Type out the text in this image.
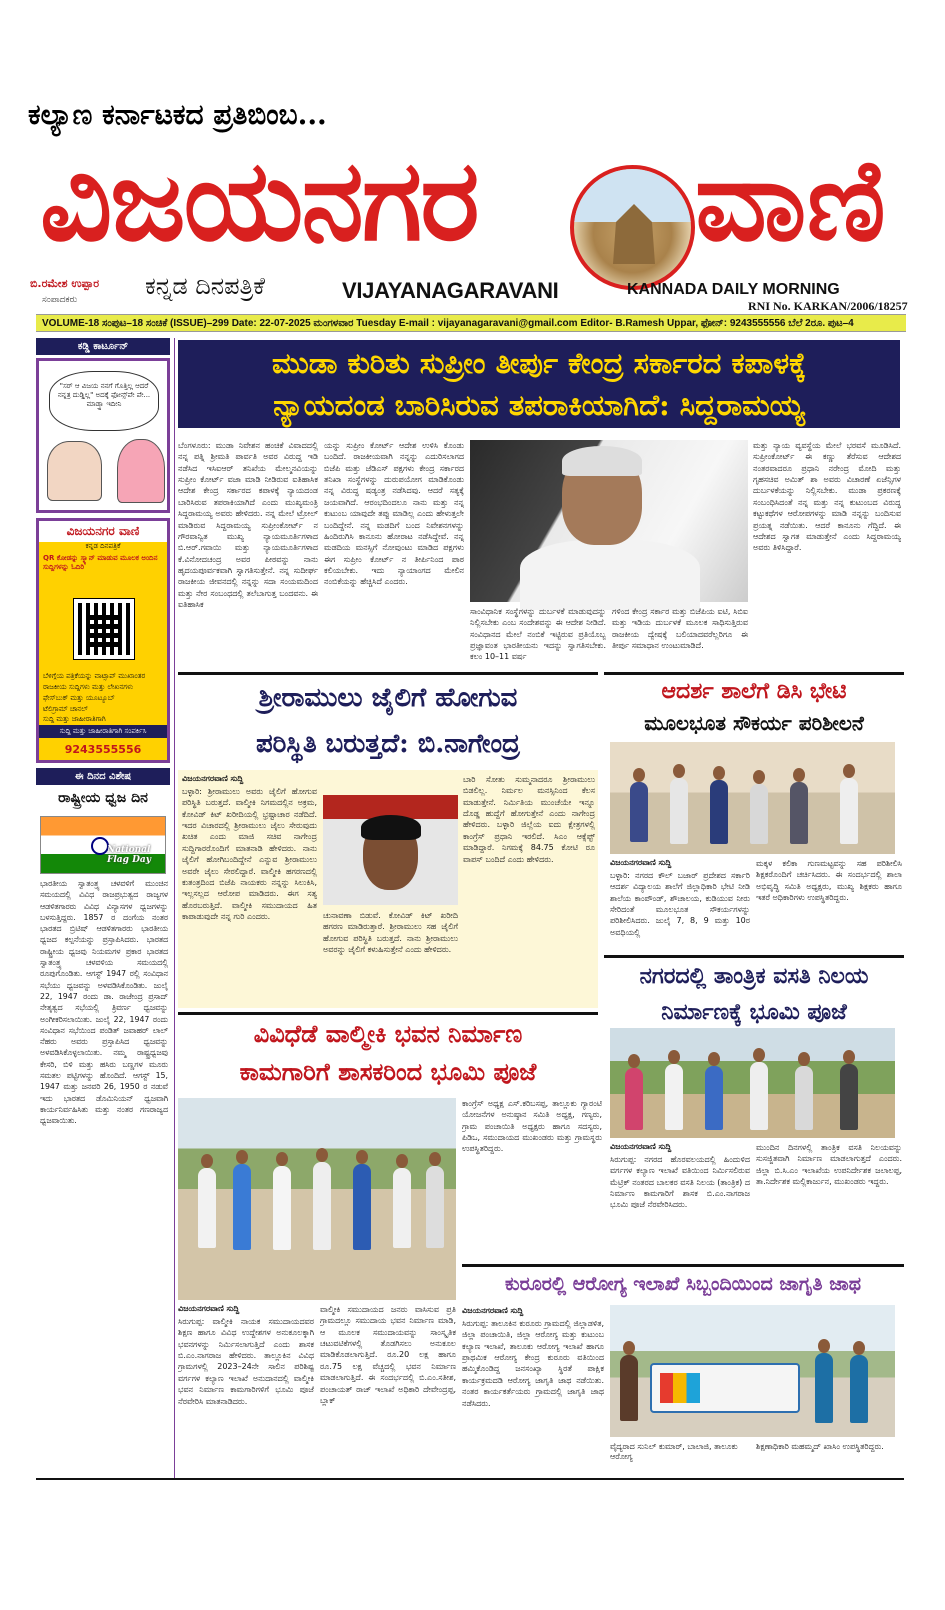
ಕಲ್ಯಾಣ ಕರ್ನಾಟಕದ ಪ್ರತಿಬಿಂಬ...
ವಿಜಯನಗರ ವಾಣಿ
ಬಿ.ರಮೇಶ ಉಪ್ಪಾರ
ಸಂಪಾದಕರು	ಕನ್ನಡ ದಿನಪತ್ರಿಕೆ	VIJAYANAGARAVANI	KANNADA DAILY MORNING
RNI No. KARKAN/2006/18257
VOLUME-18 ಸಂಪುಟ–18 ಸಂಚಿಕೆ (ISSUE)–299 Date: 22-07-2025 ಮಂಗಳವಾರ Tuesday E-mail : vijayanagaravani@gmail.com Editor- B.Ramesh Uppar, ಫೋನ್: 9243555556 ಬೆಲೆ 2ರೂ. ಪುಟ–4
ಕಡ್ಡಿ ಕಾರ್ಟೂನ್
"ಸರ್ ಆ ವಿಜಯ ನನಗೆ ಗೊತ್ತಿಲ್ಲ ಆದರೆ ನನ್ನತ್ರ ದುಡ್ಡಿಲ್ಲ" ಅದಕ್ಕೆ ಫೋನ್ಸ್‌ಪೇ ಪೇ... ಮಾಡ್ತ್ತಾ ಇದೀನಿ
ವಿಜಯನಗರ ವಾಣಿ
ಕನ್ನಡ ದಿನಪತ್ರಿಕೆ
QR ಕೋಡನ್ನು ಸ್ಕ್ಯಾನ್ ಮಾಡುವ ಮೂಲಕ ಅಂದಿನ ಸುದ್ದಿಗಳನ್ನು ಓದಿರಿ
ಬೆಳಿಗ್ಗೆಯ ಪತ್ರಿಕೆಯನ್ನು ವಾಟ್ಸಾಪ್ ಮುಖಾಂತರ
ರಾಜಕೀಯ ಸುದ್ದಿಗಳು ಮತ್ತು ಲೇಖನಗಳು
ಫೇಸ್‌ಬುಕ್ ಮತ್ತು ಯೂಟ್ಯೂಬ್
ಟೆಲಿಗ್ರಾಮ್ ಚಾನಲ್
ಸುದ್ದಿ ಮತ್ತು ಜಾಹೀರಾತಿಗಾಗಿ
ಸುದ್ದಿ ಮತ್ತು ಜಾಹೀರಾತಿಗಾಗಿ ಸಂಪರ್ಕಿಸಿ
9243555556
ಈ ದಿನದ ವಿಶೇಷ
ರಾಷ್ಟ್ರೀಯ ಧ್ವಜ ದಿನ
National Flag Day
ಭಾರತೀಯ ಸ್ವಾತಂತ್ರ್ಯ ಚಳವಳಿಗೆ ಮುಂಚಿನ ಸಮಯದಲ್ಲಿ ವಿವಿಧ ರಾಜಪ್ರಭುತ್ವದ ರಾಜ್ಯಗಳ ಆಡಳಿತಗಾರರು ವಿವಿಧ ವಿನ್ಯಾಸಗಳ ಧ್ವಜಗಳನ್ನು ಬಳಸುತ್ತಿದ್ದರು. 1857 ರ ದಂಗೆಯ ನಂತರ ಭಾರತದ ಬ್ರಿಟಿಷ್ ಆಡಳಿತಗಾರರು ಭಾರತೀಯ ಧ್ವಜದ ಕಲ್ಪನೆಯನ್ನು ಪ್ರಸ್ತಾಪಿಸಿದರು. ಭಾರತದ ರಾಷ್ಟ್ರೀಯ ಧ್ವಜವು ನಿಯಮಗಳ ಪ್ರಕಾರ ಭಾರತದ ಸ್ವಾತಂತ್ರ್ಯ ಚಳವಳಿಯ ಸಮಯದಲ್ಲಿ ರೂಪುಗೊಂಡಿತು. ಆಗಸ್ಟ್ 1947 ರಲ್ಲಿ ಸಂವಿಧಾನ ಸಭೆಯು ಧ್ವಜವನ್ನು ಅಳವಡಿಸಿಕೊಂಡಿತು. ಜುಲೈ 22, 1947 ರಂದು ಡಾ. ರಾಜೇಂದ್ರ ಪ್ರಸಾದ್ ನೇತೃತ್ವದ ಸಭೆಯಲ್ಲಿ ತ್ರಿವರ್ಣ ಧ್ವಜವನ್ನು ಅಂಗೀಕರಿಸಲಾಯಿತು. ಜುಲೈ 22, 1947 ರಂದು ಸಂವಿಧಾನ ಸಭೆಯಿಂದ ಪಂಡಿತ್ ಜವಾಹರ್ ಲಾಲ್ ನೆಹರು ಅವರು ಪ್ರಸ್ತಾಪಿಸಿದ ಧ್ವಜವನ್ನು ಅಳವಡಿಸಿಕೊಳ್ಳಲಾಯಿತು. ನಮ್ಮ ರಾಷ್ಟ್ರಧ್ವಜವು ಕೇಸರಿ, ಬಿಳಿ ಮತ್ತು ಹಸಿರು ಬಣ್ಣಗಳ ಮೂರು ಸಮತಲ ಪಟ್ಟಿಗಳನ್ನು ಹೊಂದಿದೆ. ಆಗಸ್ಟ್ 15, 1947 ಮತ್ತು ಜನವರಿ 26, 1950 ರ ನಡುವೆ ಇದು ಭಾರತದ ಡೊಮಿನಿಯನ್ ಧ್ವಜವಾಗಿ ಕಾರ್ಯನಿರ್ವಹಿಸಿತು ಮತ್ತು ನಂತರ ಗಣರಾಜ್ಯದ ಧ್ವಜವಾಯಿತು.
ಮುಡಾ ಕುರಿತು ಸುಪ್ರೀಂ ತೀರ್ಪು ಕೇಂದ್ರ ಸರ್ಕಾರದ ಕಪಾಳಕ್ಕೆ
ನ್ಯಾಯದಂಡ ಬಾರಿಸಿರುವ ತಪರಾಕಿಯಾಗಿದೆ: ಸಿದ್ದರಾಮಯ್ಯ
ಬೆಂಗಳೂರು: ಮುಡಾ ನಿವೇಶನ ಹಂಚಿಕೆ ವಿವಾದದಲ್ಲಿ ನನ್ನ ಪತ್ನಿ ಶ್ರೀಮತಿ ಪಾರ್ವತಿ ಅವರ ವಿರುದ್ದ ಇಡಿ ನಡೆಸಿದ ಇಸಿಐಆರ್ ತನಿಖೆಯ ಮೇಲ್ಮನವಿಯನ್ನು ಸುಪ್ರೀಂ ಕೋರ್ಟ್ ವಜಾ ಮಾಡಿ ನೀಡಿರುವ ಐತಿಹಾಸಿಕ ಆದೇಶ ಕೇಂದ್ರ ಸರ್ಕಾರದ ಕಪಾಳಕ್ಕೆ ನ್ಯಾಯದಂಡ ಬಾರಿಸಿರುವ ತಪರಾಕಿಯಾಗಿದೆ ಎಂದು ಮುಖ್ಯಮಂತ್ರಿ ಸಿದ್ದರಾಮಯ್ಯ ಅವರು ಹೇಳಿದರು. ನನ್ನ ಮೇಲೆ ಟ್ರೋಲ್ ಮಾಡಿರುವ ಸಿದ್ದರಾಮಯ್ಯ ಸುಪ್ರೀಂಕೋರ್ಟ್ ನ ಗೌರವಾನ್ವಿತ ಮುಖ್ಯ ನ್ಯಾಯಮೂರ್ತಿಗಳಾದ ಬಿ.ಆರ್.ಗವಾಯಿ ಮತ್ತು ನ್ಯಾಯಮೂರ್ತಿಗಳಾದ ಕೆ.ವಿನೋದಚಂದ್ರ ಅವರ ಪೀಠವನ್ನು ನಾನು ಹೃದಯಪೂರ್ವಕವಾಗಿ ಸ್ವಾಗತಿಸುತ್ತೇನೆ. ನನ್ನ ಸುದೀರ್ಘ ರಾಜಕೀಯ ಜೀವನದಲ್ಲಿ ನನ್ನನ್ನು ಸದಾ ಸಂಯಮದಿಂದ ಮತ್ತು ನೇರ ಸಂಬಂಧದಲ್ಲಿ ತಲೆಬಾಗುತ್ತ ಬಂದವನು. ಈ ಐತಿಹಾಸಿಕ
ಯನ್ನು ಸುಪ್ರೀಂ ಕೋರ್ಟ್ ಆದೇಶ ಉಳಿಸಿ ಕೊಂಡು ಬಂದಿದೆ. ರಾಜಕೀಯವಾಗಿ ನನ್ನನ್ನು ಎದುರಿಸಲಾಗದ ಬಿಜೆಪಿ ಮತ್ತು ಜೆಡಿಎಸ್ ಪಕ್ಷಗಳು ಕೇಂದ್ರ ಸರ್ಕಾರದ ತನಿಖಾ ಸಂಸ್ಥೆಗಳನ್ನು ದುರುಪಯೋಗ ಮಾಡಿಕೊಂಡು ನನ್ನ ವಿರುದ್ಧ ಷಡ್ಯಂತ್ರ ನಡೆಸಿದವು. ಆದರೆ ಸತ್ಯಕ್ಕೆ ಜಯವಾಗಿದೆ. ಆರಂಭದಿಂದಲೂ ನಾನು ಮತ್ತು ನನ್ನ ಕುಟುಂಬ ಯಾವುದೇ ತಪ್ಪು ಮಾಡಿಲ್ಲ ಎಂದು ಹೇಳುತ್ತಲೇ ಬಂದಿದ್ದೇನೆ. ನನ್ನ ಮಡದಿಗೆ ಬಂದ ನಿವೇಶನಗಳನ್ನು ಹಿಂದಿರುಗಿಸಿ ಕಾನೂನು ಹೋರಾಟ ನಡೆಸಿದ್ದೇವೆ. ನನ್ನ ಮಡದಿಯ ಮನಸ್ಸಿಗೆ ನೋವುಂಟು ಮಾಡಿದ ಪಕ್ಷಗಳು ಈಗ ಸುಪ್ರೀಂ ಕೋರ್ಟ್ ನ ತೀರ್ಪಿನಿಂದ ಪಾಠ ಕಲಿಯಬೇಕು. ಇದು ನ್ಯಾಯಾಂಗದ ಮೇಲಿನ ನಂಬಿಕೆಯನ್ನು ಹೆಚ್ಚಿಸಿದೆ ಎಂದರು.
ಸಾಂವಿಧಾನಿಕ ಸಂಸ್ಥೆಗಳನ್ನು ದುರ್ಬಳಕೆ ಮಾಡುವುದನ್ನು ನಿಲ್ಲಿಸಬೇಕು ಎಂಬ ಸಂದೇಶವನ್ನು ಈ ಆದೇಶ ನೀಡಿದೆ. ಸಂವಿಧಾನದ ಮೇಲೆ ನಂಬಿಕೆ ಇಟ್ಟಿರುವ ಪ್ರತಿಯೊಬ್ಬ ಪ್ರಜ್ಞಾವಂತ ಭಾರತೀಯನು ಇದನ್ನು ಸ್ವಾಗತಿಸಬೇಕು. ಕಲಂ 10–11 ವರ್ಷ
ಗಳಿಂದ ಕೇಂದ್ರ ಸರ್ಕಾರ ಮತ್ತು ಬಿಜೆಪಿಯ ಐಟಿ, ಸಿಬಿಐ ಮತ್ತು ಇಡಿಯ ದುರ್ಬಳಕೆ ಮೂಲಕ ಸಾಧಿಸುತ್ತಿರುವ ರಾಜಕೀಯ ದ್ವೇಷಕ್ಕೆ ಬಲಿಯಾದವರೆಲ್ಲರಿಗೂ ಈ ತೀರ್ಪು ಸಮಾಧಾನ ಉಂಟುಮಾಡಿದೆ.
ಮತ್ತು ನ್ಯಾಯ ವ್ಯವಸ್ಥೆಯ ಮೇಲೆ ಭರವಸೆ ಮೂಡಿಸಿದೆ. ಸುಪ್ರೀಂಕೋರ್ಟ್ ಈ ಕಣ್ಣು ತೆರೆಸುವ ಆದೇಶದ ನಂತರವಾದರೂ ಪ್ರಧಾನಿ ನರೇಂದ್ರ ಮೋದಿ ಮತ್ತು ಗೃಹಸಚಿವ ಅಮಿತ್ ಶಾ ಅವರು ವಿಚಾರಣೆ ಏಜೆನ್ಸಿಗಳ ದುರ್ಬಳಕೆಯನ್ನು ನಿಲ್ಲಿಸಬೇಕು. ಮುಡಾ ಪ್ರಕರಣಕ್ಕೆ ಸಂಬಂಧಿಸಿದಂತೆ ನನ್ನ ಮತ್ತು ನನ್ನ ಕುಟುಂಬದ ವಿರುದ್ಧ ಕಟ್ಟುಕಥೆಗಳ ಆರೋಪಗಳನ್ನು ಮಾಡಿ ನನ್ನನ್ನು ಬಂದಿಸುವ ಪ್ರಯತ್ನ ನಡೆಯಿತು. ಆದರೆ ಕಾನೂನು ಗೆದ್ದಿದೆ. ಈ ಆದೇಶದ ಸ್ವಾಗತ ಮಾಡುತ್ತೇನೆ ಎಂದು ಸಿದ್ದರಾಮಯ್ಯ ಅವರು ತಿಳಿಸಿದ್ದಾರೆ.
ಶ್ರೀರಾಮುಲು ಜೈಲಿಗೆ ಹೋಗುವ
ಪರಿಸ್ಥಿತಿ ಬರುತ್ತದೆ: ಬಿ.ನಾಗೇಂದ್ರ
ವಿಜಯನಗರವಾಣಿ ಸುದ್ದಿ
ಬಳ್ಳಾರಿ: ಶ್ರೀರಾಮುಲು ಅವರು ಜೈಲಿಗೆ ಹೋಗುವ ಪರಿಸ್ಥಿತಿ ಬರುತ್ತದೆ. ವಾಲ್ಮೀಕಿ ನಿಗಮದಲ್ಲಿನ ಅಕ್ರಮ, ಕೋವಿಡ್ ಕಿಟ್ ಖರೀದಿಯಲ್ಲಿ ಭ್ರಷ್ಟಾಚಾರ ನಡೆದಿದೆ. ಇದರ ವಿಚಾರದಲ್ಲಿ ಶ್ರೀರಾಮುಲು ಜೈಲು ಸೇರುವುದು ಖಚಿತ ಎಂದು ಮಾಜಿ ಸಚಿವ ನಾಗೇಂದ್ರ ಸುದ್ದಿಗಾರರೊಂದಿಗೆ ಮಾತನಾಡಿ ಹೇಳಿದರು. ನಾನು ಜೈಲಿಗೆ ಹೋಗಿಬಂದಿದ್ದೇನೆ ಎನ್ನುವ ಶ್ರೀರಾಮುಲು ಅವರೇ ಜೈಲು ಸೇರಲಿದ್ದಾರೆ. ವಾಲ್ಮೀಕಿ ಹಗರಣದಲ್ಲಿ ಕುತಂತ್ರದಿಂದ ಬಿಜೆಪಿ ನಾಯಕರು ನನ್ನನ್ನು ಸಿಲುಕಿಸಿ, ಇಲ್ಲಸಲ್ಲದ ಆರೋಪ ಮಾಡಿದರು. ಈಗ ಸತ್ಯ ಹೊರಬರುತ್ತಿದೆ. ವಾಲ್ಮೀಕಿ ಸಮುದಾಯದ ಹಿತ ಕಾಪಾಡುವುದೇ ನನ್ನ ಗುರಿ ಎಂದರು.	ಚುನಾವಣಾ ಬಿಡುವೆ. ಕೋವಿಡ್ ಕಿಟ್ ಖರೀದಿ ಹಗರಣ ಮಾಡಿರುತ್ತಾರೆ. ಶ್ರೀರಾಮುಲು ಸಹ ಜೈಲಿಗೆ ಹೋಗುವ ಪರಿಸ್ಥಿತಿ ಬರುತ್ತದೆ. ನಾನು ಶ್ರೀರಾಮುಲು ಅವರನ್ನು ಜೈಲಿಗೆ ಕಳುಹಿಸುತ್ತೇನೆ ಎಂದು ಹೇಳಿದರು.
ಬಾರಿ ಸೋತು ಸುಮ್ಮನಾದರೂ ಶ್ರೀರಾಮುಲು ಬಿಡಲಿಲ್ಲ. ನಿರ್ಮಲ ಮನಸ್ಸಿನಿಂದ ಕೆಲಸ ಮಾಡುತ್ತೇನೆ. ನಿರ್ಮಿತಿಯ ಮುಂಚೆಯೇ ಇನ್ನೂ ದೊಡ್ಡ ಹುದ್ದೆಗೆ ಹೋಗುತ್ತೇನೆ ಎಂದು ನಾಗೇಂದ್ರ ಹೇಳಿದರು. ಬಳ್ಳಾರಿ ಜಿಲ್ಲೆಯ ಐದು ಕ್ಷೇತ್ರಗಳಲ್ಲಿ ಕಾಂಗ್ರೆಸ್ ಪ್ರಧಾನಿ ಇರಲಿದೆ. ಸಿಎಂ ಆಕ್ಸೆಪ್ಟ್ ಮಾಡಿದ್ದಾರೆ. ನಿಗಮಕ್ಕೆ 84.75 ಕೋಟಿ ರೂ ವಾಪಸ್ ಬಂದಿದೆ ಎಂದು ಹೇಳಿದರು.
ಆದರ್ಶ ಶಾಲೆಗೆ ಡಿಸಿ ಭೇಟಿ
ಮೂಲಭೂತ ಸೌಕರ್ಯ ಪರಿಶೀಲನೆ
ವಿಜಯನಗರವಾಣಿ ಸುದ್ದಿ
ಬಳ್ಳಾರಿ: ನಗರದ ಕೌಲ್ ಬಜಾರ್ ಪ್ರದೇಶದ ಸರ್ಕಾರಿ ಆದರ್ಶ ವಿದ್ಯಾಲಯ ಶಾಲೆಗೆ ಜಿಲ್ಲಾಧಿಕಾರಿ ಭೇಟಿ ನೀಡಿ ಶಾಲೆಯ ಕಾಂಪೌಂಡ್, ಶೌಚಾಲಯ, ಕುಡಿಯುವ ನೀರು ಸೇರಿದಂತೆ ಮೂಲಭೂತ ಸೌಕರ್ಯಗಳನ್ನು ಪರಿಶೀಲಿಸಿದರು. ಜುಲೈ 7, 8, 9 ಮತ್ತು 10ರ ಅವಧಿಯಲ್ಲಿ
ಮಕ್ಕಳ ಕಲಿಕಾ ಗುಣಮಟ್ಟವನ್ನು ಸಹ ಪರಿಶೀಲಿಸಿ ಶಿಕ್ಷಕರೊಂದಿಗೆ ಚರ್ಚಿಸಿದರು. ಈ ಸಂದರ್ಭದಲ್ಲಿ ಶಾಲಾ ಅಭಿವೃದ್ಧಿ ಸಮಿತಿ ಅಧ್ಯಕ್ಷರು, ಮುಖ್ಯ ಶಿಕ್ಷಕರು ಹಾಗೂ ಇತರೆ ಅಧಿಕಾರಿಗಳು ಉಪಸ್ಥಿತರಿದ್ದರು.
ವಿವಿಧೆಡೆ ವಾಲ್ಮೀಕಿ ಭವನ ನಿರ್ಮಾಣ
ಕಾಮಗಾರಿಗೆ ಶಾಸಕರಿಂದ ಭೂಮಿ ಪೂಜೆ
ಕಾಂಗ್ರೆಸ್ ಅಧ್ಯಕ್ಷ ಎಸ್.ಕರಿಬಸಪ್ಪ, ತಾಲ್ಲೂಕು ಗ್ಯಾರಂಟಿ ಯೋಜನೆಗಳ ಅನುಷ್ಠಾನ ಸಮಿತಿ ಅಧ್ಯಕ್ಷ, ಗಣ್ಯರು, ಗ್ರಾಮ ಪಂಚಾಯಿತಿ ಅಧ್ಯಕ್ಷರು ಹಾಗೂ ಸದಸ್ಯರು, ಪಿಡಿಒ, ಸಮುದಾಯದ ಮುಖಂಡರು ಮತ್ತು ಗ್ರಾಮಸ್ಥರು ಉಪಸ್ಥಿತರಿದ್ದರು.
ವಿಜಯನಗರವಾಣಿ ಸುದ್ದಿ
ಸಿರುಗುಪ್ಪ: ವಾಲ್ಮೀಕಿ ನಾಯಕ ಸಮುದಾಯದವರ ಶಿಕ್ಷಣ ಹಾಗೂ ವಿವಿಧ ಉದ್ದೇಶಗಳ ಅನುಕೂಲಕ್ಕಾಗಿ ಭವನಗಳನ್ನು ನಿರ್ಮಿಸಲಾಗುತ್ತಿದೆ ಎಂದು ಶಾಸಕ ಬಿ.ಎಂ.ನಾಗರಾಜ ಹೇಳಿದರು. ತಾಲ್ಲೂಕಿನ ವಿವಿಧ ಗ್ರಾಮಗಳಲ್ಲಿ 2023–24ನೇ ಸಾಲಿನ ಪರಿಶಿಷ್ಟ ವರ್ಗಗಳ ಕಲ್ಯಾಣ ಇಲಾಖೆ ಅನುದಾನದಲ್ಲಿ ವಾಲ್ಮೀಕಿ ಭವನ ನಿರ್ಮಾಣ ಕಾಮಗಾರಿಗಳಿಗೆ ಭೂಮಿ ಪೂಜೆ ನೆರವೇರಿಸಿ ಮಾತನಾಡಿದರು.
ವಾಲ್ಮೀಕಿ ಸಮುದಾಯದ ಜನರು ವಾಸಿಸುವ ಪ್ರತಿ ಗ್ರಾಮದಲ್ಲೂ ಸಮುದಾಯ ಭವನ ನಿರ್ಮಾಣ ಮಾಡಿ, ಆ ಮೂಲಕ ಸಮುದಾಯವನ್ನು ಸಾಂಸ್ಕೃತಿಕ ಚಟುವಟಿಕೆಗಳಲ್ಲಿ ತೊಡಗಿಸಲು ಅನುಕೂಲ ಮಾಡಿಕೊಡಲಾಗುತ್ತಿದೆ. ರೂ.20 ಲಕ್ಷ ಹಾಗೂ ರೂ.75 ಲಕ್ಷ ವೆಚ್ಚದಲ್ಲಿ ಭವನ ನಿರ್ಮಾಣ ಮಾಡಲಾಗುತ್ತಿದೆ. ಈ ಸಂದರ್ಭದಲ್ಲಿ ಬಿ.ಎಂ.ಸತೀಶ, ಪಂಚಾಯತ್ ರಾಜ್ ಇಲಾಖೆ ಅಧಿಕಾರಿ ದೇವೇಂದ್ರಪ್ಪ, ಬ್ಲಾಕ್
ನಗರದಲ್ಲಿ ತಾಂತ್ರಿಕ ವಸತಿ ನಿಲಯ
ನಿರ್ಮಾಣಕ್ಕೆ ಭೂಮಿ ಪೂಜೆ
ವಿಜಯನಗರವಾಣಿ ಸುದ್ದಿ
ಸಿರುಗುಪ್ಪ: ನಗರದ ಹೊರವಲಯದಲ್ಲಿ ಹಿಂದುಳಿದ ವರ್ಗಗಳ ಕಲ್ಯಾಣ ಇಲಾಖೆ ವತಿಯಿಂದ ನಿರ್ಮಿಸಲಿರುವ ಮೆಟ್ರಿಕ್ ನಂತರದ ಬಾಲಕರ ವಸತಿ ನಿಲಯ (ತಾಂತ್ರಿಕ) ದ ನಿರ್ಮಾಣ ಕಾಮಗಾರಿಗೆ ಶಾಸಕ ಬಿ.ಎಂ.ನಾಗರಾಜ ಭೂಮಿ ಪೂಜೆ ನೆರವೇರಿಸಿದರು.
ಮುಂದಿನ ದಿನಗಳಲ್ಲಿ ತಾಂತ್ರಿಕ ವಸತಿ ನಿಲಯವನ್ನು ಸುಸಜ್ಜಿತವಾಗಿ ನಿರ್ಮಾಣ ಮಾಡಲಾಗುತ್ತದೆ ಎಂದರು. ಜಿಲ್ಲಾ ಬಿ.ಸಿ.ಎಂ ಇಲಾಖೆಯ ಉಪನಿರ್ದೇಶಕ ಜಲಾಲಪ್ಪ, ತಾ.ನಿರ್ದೇಶಕ ಮಲ್ಲಿಕಾರ್ಜುನ, ಮುಖಂಡರು ಇದ್ದರು.
ಕುರೂರಲ್ಲಿ ಆರೋಗ್ಯ ಇಲಾಖೆ ಸಿಬ್ಬಂದಿಯಿಂದ ಜಾಗೃತಿ ಜಾಥ
ವಿಜಯನಗರವಾಣಿ ಸುದ್ದಿ
ಸಿರುಗುಪ್ಪ: ತಾಲೂಕಿನ ಕುರೂರು ಗ್ರಾಮದಲ್ಲಿ ಜಿಲ್ಲಾಡಳಿತ, ಜಿಲ್ಲಾ ಪಂಚಾಯಿತಿ, ಜಿಲ್ಲಾ ಆರೋಗ್ಯ ಮತ್ತು ಕುಟುಂಬ ಕಲ್ಯಾಣ ಇಲಾಖೆ, ತಾಲೂಕು ಆರೋಗ್ಯ ಇಲಾಖೆ ಹಾಗೂ ಪ್ರಾಥಮಿಕ ಆರೋಗ್ಯ ಕೇಂದ್ರ ಕುರೂರು ವತಿಯಿಂದ ಹಮ್ಮಿಕೊಂಡಿದ್ದ ಜನಸಂಖ್ಯಾ ಸ್ಥಿರತೆ ಪಾಕ್ಷಿಕ ಕಾರ್ಯಕ್ರಮದಡಿ ಆರೋಗ್ಯ ಜಾಗೃತಿ ಜಾಥ ನಡೆಯಿತು. ನಂತರ ಕಾರ್ಯಕರ್ತೆಯರು ಗ್ರಾಮದಲ್ಲಿ ಜಾಗೃತಿ ಜಾಥ ನಡೆಸಿದರು.
ವೈದ್ಯರಾದ ಸುನಿಲ್ ಕುಮಾರ್, ಬಾಲಾಜಿ, ತಾಲೂಕು ಆರೋಗ್ಯ
ಶಿಕ್ಷಣಾಧಿಕಾರಿ ಮಹಮ್ಮದ್ ಖಾಸಿಂ ಉಪಸ್ಥಿತರಿದ್ದರು.
